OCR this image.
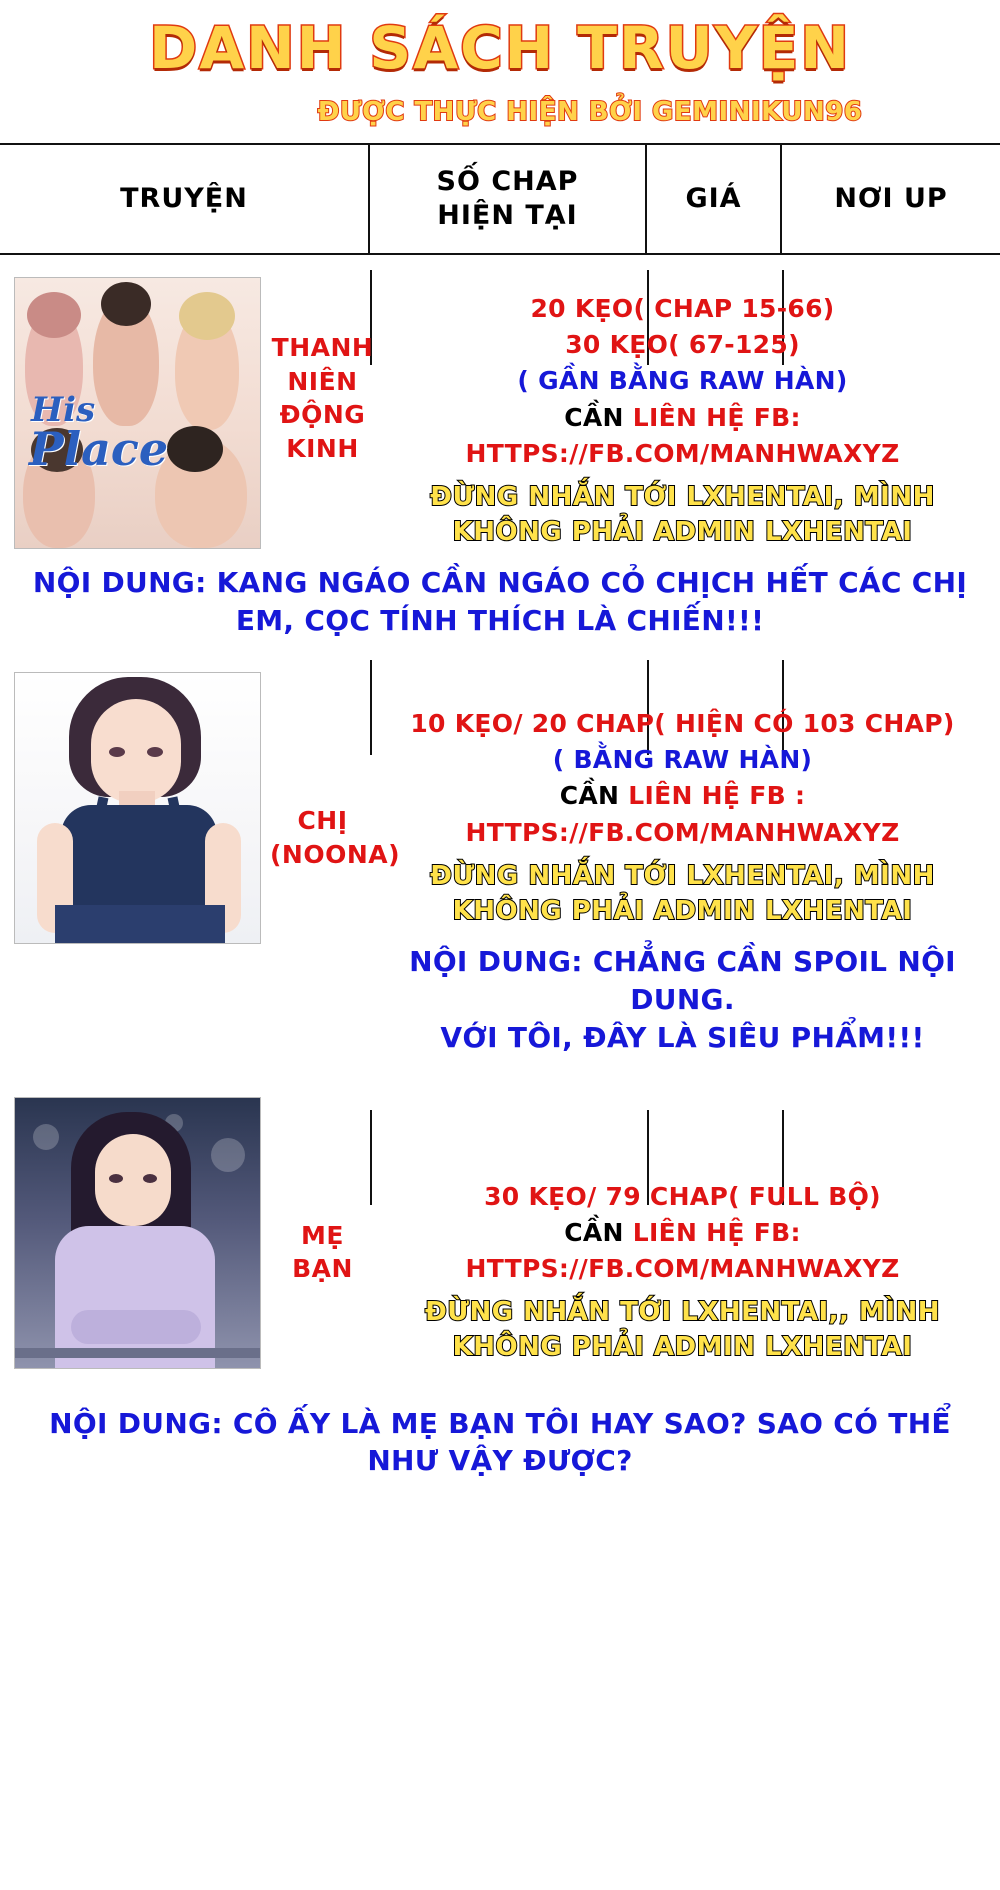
DANH SÁCH TRUYỆN
ĐƯỢC THỰC HIỆN BỞI GEMINIKUN96
TRUYỆN
SỐ CHAP
HIỆN TẠI
GIÁ	NƠI UP
His
Place
THANH
NIÊN
ĐỘNG
KINH
20 KẸO( CHAP 15-66)
30 KẸO( 67-125)
( GẦN BẰNG RAW HÀN)
CẦN LIÊN HỆ FB:
HTTPS://FB.COM/MANHWAXYZ
ĐỪNG NHẮN TỚI LXHENTAI, MÌNH
KHÔNG PHẢI ADMIN LXHENTAI
NỘI DUNG: KANG NGÁO CẦN NGÁO CỎ CHỊCH HẾT CÁC CHỊ
EM, CỌC TÍNH THÍCH LÀ CHIẾN!!!
CHỊ
(NOONA)
10 KẸO/ 20 CHAP( HIỆN CÓ 103 CHAP)
( BẰNG RAW HÀN)
CẦN LIÊN HỆ FB :
HTTPS://FB.COM/MANHWAXYZ
ĐỪNG NHẮN TỚI LXHENTAI, MÌNH
KHÔNG PHẢI ADMIN LXHENTAI
NỘI DUNG: CHẲNG CẦN SPOIL NỘI DUNG.
VỚI TÔI, ĐÂY LÀ SIÊU PHẨM!!!
MẸ
BẠN
30 KẸO/ 79 CHAP( FULL BỘ)
CẦN LIÊN HỆ FB:
HTTPS://FB.COM/MANHWAXYZ
ĐỪNG NHẮN TỚI LXHENTAI,, MÌNH
KHÔNG PHẢI ADMIN LXHENTAI
NỘI DUNG: CÔ ẤY LÀ MẸ BẠN TÔI HAY SAO? SAO CÓ THỂ
NHƯ VẬY ĐƯỢC?
